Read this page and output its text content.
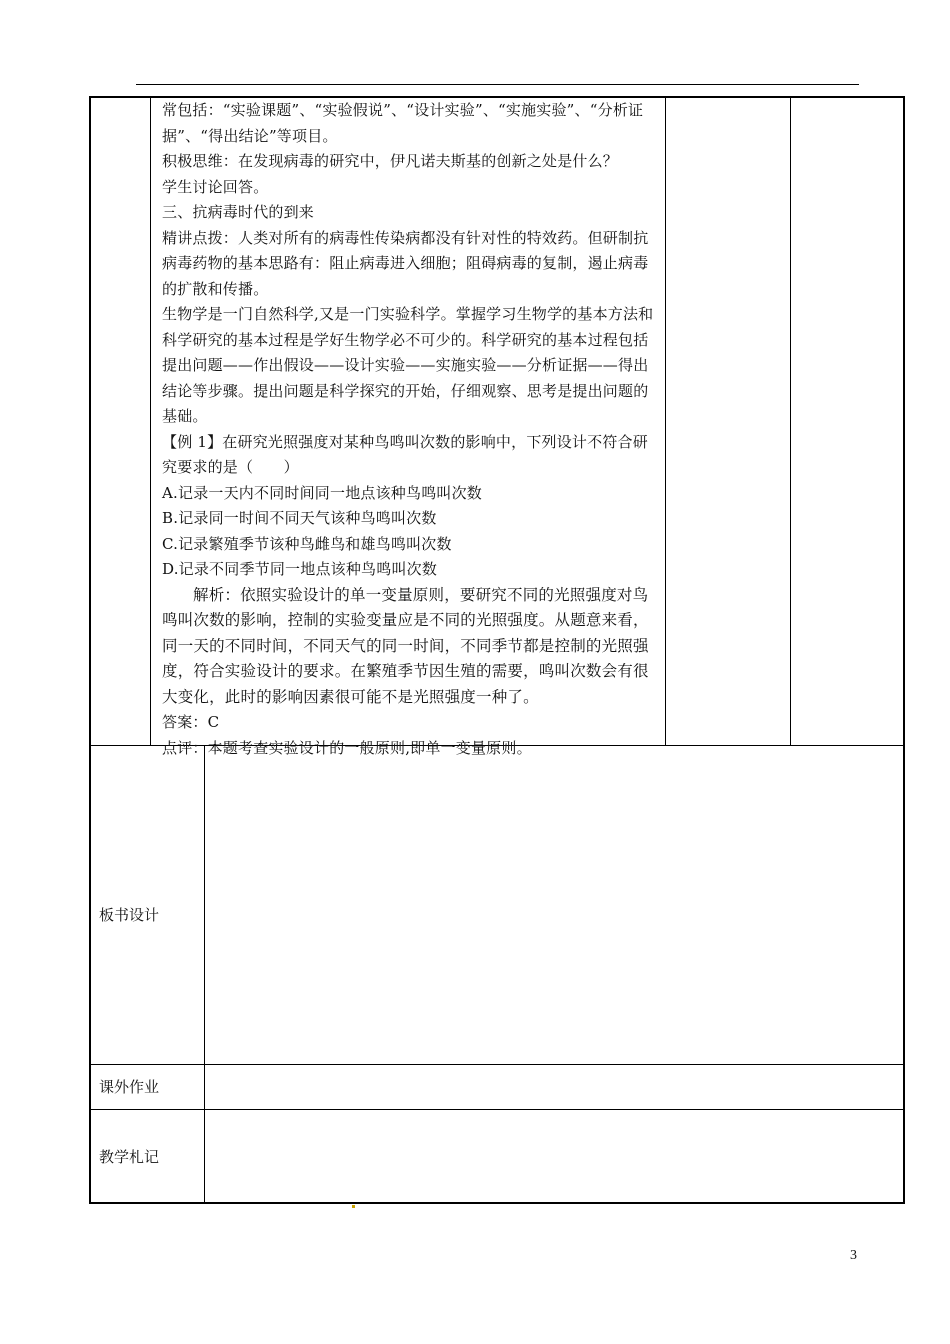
常包括：“实验课题”、“实验假说”、“设计实验”、“实施实验”、“分析证据”、“得出结论”等项目。

积极思维：在发现病毒的研究中，伊凡诺夫斯基的创新之处是什么？

学生讨论回答。

三、抗病毒时代的到来

精讲点拨：人类对所有的病毒性传染病都没有针对性的特效药。但研制抗病毒药物的基本思路有：阻止病毒进入细胞；阻碍病毒的复制，遏止病毒的扩散和传播。

生物学是一门自然科学,又是一门实验科学。掌握学习生物学的基本方法和科学研究的基本过程是学好生物学必不可少的。科学研究的基本过程包括提出问题——作出假设——设计实验——实施实验——分析证据——得出结论等步骤。提出问题是科学探究的开始，仔细观察、思考是提出问题的基础。

【例 1】在研究光照强度对某种鸟鸣叫次数的影响中，下列设计不符合研究要求的是（　　）

A.记录一天内不同时间同一地点该种鸟鸣叫次数

B.记录同一时间不同天气该种鸟鸣叫次数

C.记录繁殖季节该种鸟雌鸟和雄鸟鸣叫次数

D.记录不同季节同一地点该种鸟鸣叫次数

解析：依照实验设计的单一变量原则，要研究不同的光照强度对鸟鸣叫次数的影响，控制的实验变量应是不同的光照强度。从题意来看，同一天的不同时间，不同天气的同一时间，不同季节都是控制的光照强度，符合实验设计的要求。在繁殖季节因生殖的需要，鸣叫次数会有很大变化，此时的影响因素很可能不是光照强度一种了。

答案：C

点评：本题考查实验设计的一般原则,即单一变量原则。

板书设计
课外作业
教学札记
3
